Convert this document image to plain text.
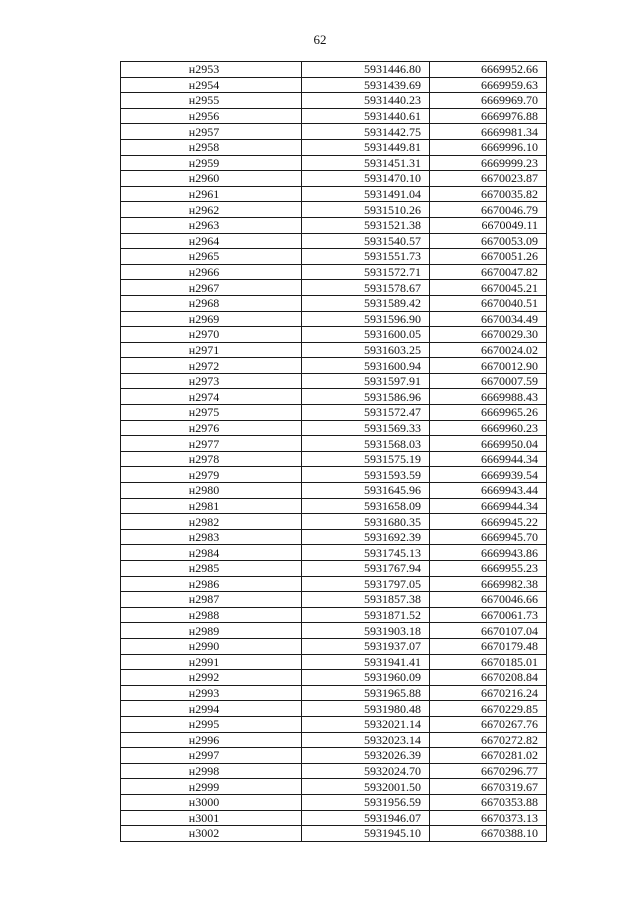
62
н2953	5931446.80	6669952.66
н2954	5931439.69	6669959.63
н2955	5931440.23	6669969.70
н2956	5931440.61	6669976.88
н2957	5931442.75	6669981.34
н2958	5931449.81	6669996.10
н2959	5931451.31	6669999.23
н2960	5931470.10	6670023.87
н2961	5931491.04	6670035.82
н2962	5931510.26	6670046.79
н2963	5931521.38	6670049.11
н2964	5931540.57	6670053.09
н2965	5931551.73	6670051.26
н2966	5931572.71	6670047.82
н2967	5931578.67	6670045.21
н2968	5931589.42	6670040.51
н2969	5931596.90	6670034.49
н2970	5931600.05	6670029.30
н2971	5931603.25	6670024.02
н2972	5931600.94	6670012.90
н2973	5931597.91	6670007.59
н2974	5931586.96	6669988.43
н2975	5931572.47	6669965.26
н2976	5931569.33	6669960.23
н2977	5931568.03	6669950.04
н2978	5931575.19	6669944.34
н2979	5931593.59	6669939.54
н2980	5931645.96	6669943.44
н2981	5931658.09	6669944.34
н2982	5931680.35	6669945.22
н2983	5931692.39	6669945.70
н2984	5931745.13	6669943.86
н2985	5931767.94	6669955.23
н2986	5931797.05	6669982.38
н2987	5931857.38	6670046.66
н2988	5931871.52	6670061.73
н2989	5931903.18	6670107.04
н2990	5931937.07	6670179.48
н2991	5931941.41	6670185.01
н2992	5931960.09	6670208.84
н2993	5931965.88	6670216.24
н2994	5931980.48	6670229.85
н2995	5932021.14	6670267.76
н2996	5932023.14	6670272.82
н2997	5932026.39	6670281.02
н2998	5932024.70	6670296.77
н2999	5932001.50	6670319.67
н3000	5931956.59	6670353.88
н3001	5931946.07	6670373.13
н3002	5931945.10	6670388.10
